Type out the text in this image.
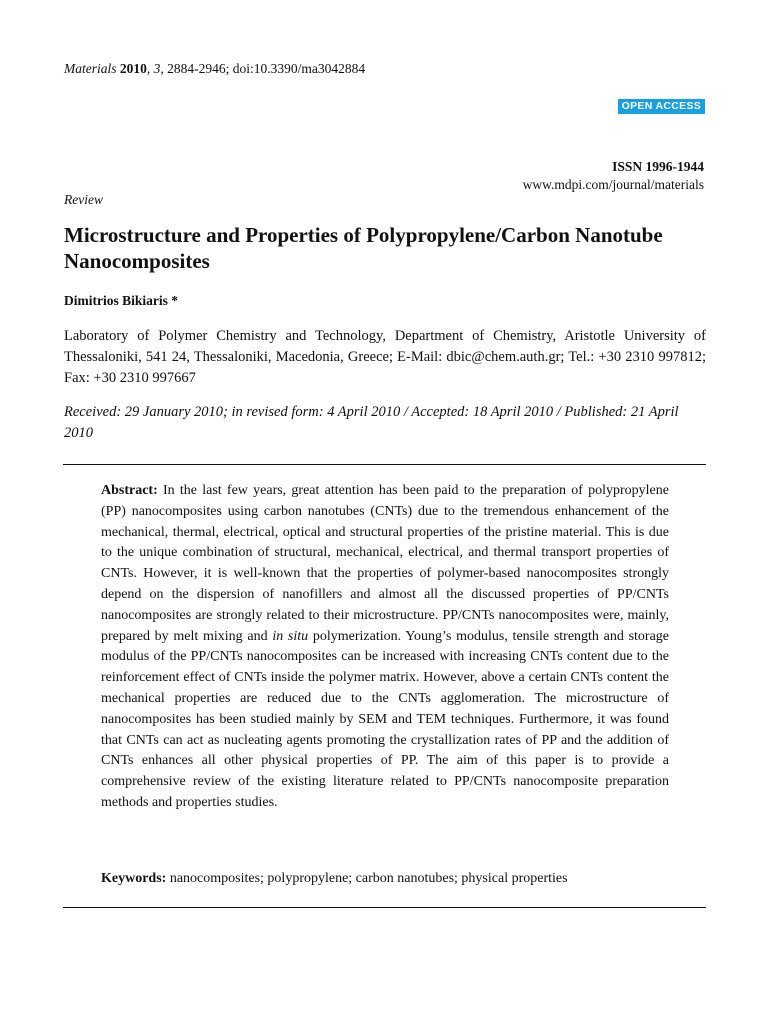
Materials 2010, 3, 2884-2946; doi:10.3390/ma3042884
OPEN ACCESS
ISSN 1996-1944
www.mdpi.com/journal/materials
Review
Microstructure and Properties of Polypropylene/Carbon Nanotube Nanocomposites
Dimitrios Bikiaris *
Laboratory of Polymer Chemistry and Technology, Department of Chemistry, Aristotle University of Thessaloniki, 541 24, Thessaloniki, Macedonia, Greece; E-Mail: dbic@chem.auth.gr; Tel.: +30 2310 997812; Fax: +30 2310 997667
Received: 29 January 2010; in revised form: 4 April 2010 / Accepted: 18 April 2010 / Published: 21 April 2010

Abstract: In the last few years, great attention has been paid to the preparation of polypropylene (PP) nanocomposites using carbon nanotubes (CNTs) due to the tremendous enhancement of the mechanical, thermal, electrical, optical and structural properties of the pristine material. This is due to the unique combination of structural, mechanical, electrical, and thermal transport properties of CNTs. However, it is well-known that the properties of polymer-based nanocomposites strongly depend on the dispersion of nanofillers and almost all the discussed properties of PP/CNTs nanocomposites are strongly related to their microstructure. PP/CNTs nanocomposites were, mainly, prepared by melt mixing and in situ polymerization. Young’s modulus, tensile strength and storage modulus of the PP/CNTs nanocomposites can be increased with increasing CNTs content due to the reinforcement effect of CNTs inside the polymer matrix. However, above a certain CNTs content the mechanical properties are reduced due to the CNTs agglomeration. The microstructure of nanocomposites has been studied mainly by SEM and TEM techniques. Furthermore, it was found that CNTs can act as nucleating agents promoting the crystallization rates of PP and the addition of CNTs enhances all other physical properties of PP. The aim of this paper is to provide a comprehensive review of the existing literature related to PP/CNTs nanocomposite preparation methods and properties studies.

Keywords: nanocomposites; polypropylene; carbon nanotubes; physical properties
